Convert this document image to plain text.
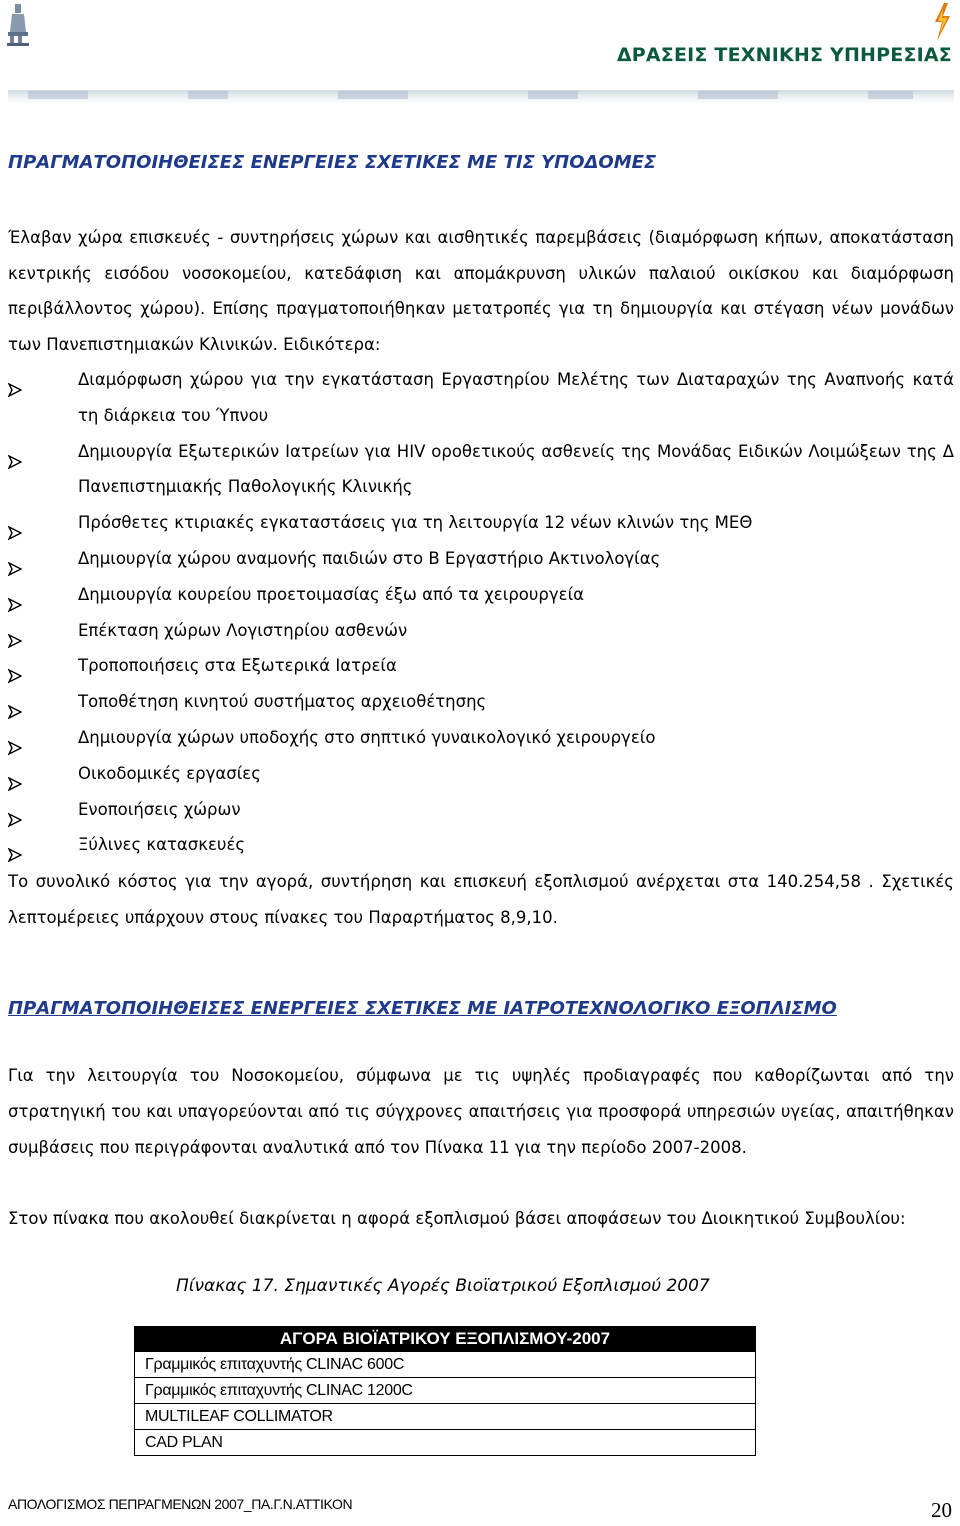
ΔΡΑΣΕΙΣ ΤΕΧΝΙΚΗΣ ΥΠΗΡΕΣΙΑΣ
ΠΡΑΓΜΑΤΟΠΟΙΗΘΕΙΣΕΣ ΕΝΕΡΓΕΙΕΣ ΣΧΕΤΙΚΕΣ ΜΕ ΤΙΣ ΥΠΟΔΟΜΕΣ

Έλαβαν χώρα επισκευές - συντηρήσεις χώρων και αισθητικές παρεμβάσεις (διαμόρφωση κήπων, αποκατάσταση κεντρικής εισόδου νοσοκομείου, κατεδάφιση και απομάκρυνση υλικών παλαιού οικίσκου και διαμόρφωση περιβάλλοντος χώρου). Επίσης πραγματοποιήθηκαν μετατροπές για τη δημιουργία και στέγαση νέων μονάδων των Πανεπιστημιακών Κλινικών. Ειδικότερα:

Διαμόρφωση χώρου για την εγκατάσταση Εργαστηρίου Μελέτης των Διαταραχών της Αναπνοής κατά τη διάρκεια του Ύπνου
Δημιουργία Εξωτερικών Ιατρείων για HIV οροθετικούς ασθενείς της Μονάδας Ειδικών Λοιμώξεων της Δ Πανεπιστημιακής Παθολογικής Κλινικής
Πρόσθετες κτιριακές εγκαταστάσεις για τη λειτουργία 12 νέων κλινών της ΜΕΘ
Δημιουργία χώρου αναμονής παιδιών στο Β Εργαστήριο Ακτινολογίας
Δημιουργία κουρείου προετοιμασίας έξω από τα χειρουργεία
Επέκταση χώρων Λογιστηρίου ασθενών
Τροποποιήσεις στα Εξωτερικά Ιατρεία
Τοποθέτηση κινητού συστήματος αρχειοθέτησης
Δημιουργία χώρων υποδοχής στο σηπτικό γυναικολογικό χειρουργείο
Οικοδομικές εργασίες
Ενοποιήσεις χώρων
Ξύλινες κατασκευές

Το συνολικό κόστος για την αγορά, συντήρηση και επισκευή εξοπλισμού ανέρχεται στα 140.254,58 . Σχετικές λεπτομέρειες υπάρχουν στους πίνακες του Παραρτήματος 8,9,10.

ΠΡΑΓΜΑΤΟΠΟΙΗΘΕΙΣΕΣ ΕΝΕΡΓΕΙΕΣ ΣΧΕΤΙΚΕΣ ΜΕ ΙΑΤΡΟΤΕΧΝΟΛΟΓΙΚΟ ΕΞΟΠΛΙΣΜΟ

Για την λειτουργία του Νοσοκομείου, σύμφωνα με τις υψηλές προδιαγραφές που καθορίζωνται από την στρατηγική του και υπαγορεύονται από τις σύγχρονες απαιτήσεις για προσφορά υπηρεσιών υγείας, απαιτήθηκαν συμβάσεις που περιγράφονται αναλυτικά από τον Πίνακα 11 για την περίοδο 2007-2008.

Στον πίνακα που ακολουθεί διακρίνεται η αφορά εξοπλισμού βάσει αποφάσεων του Διοικητικού Συμβουλίου:

Πίνακας 17. Σημαντικές Αγορές Βιοϊατρικού Εξοπλισμού 2007
ΑΓΟΡΑ ΒΙΟΪΑΤΡΙΚΟΥ ΕΞΟΠΛΙΣΜΟΥ-2007
Γραμμικός επιταχυντής CLINAC 600C
Γραμμικός επιταχυντής CLINAC 1200C
MULTILEAF COLLIMATOR
CAD PLAN
ΑΠΟΛΟΓΙΣΜΟΣ ΠΕΠΡΑΓΜΕΝΩΝ 2007_ΠΑ.Γ.Ν.ΑΤΤΙΚΟΝ	20
